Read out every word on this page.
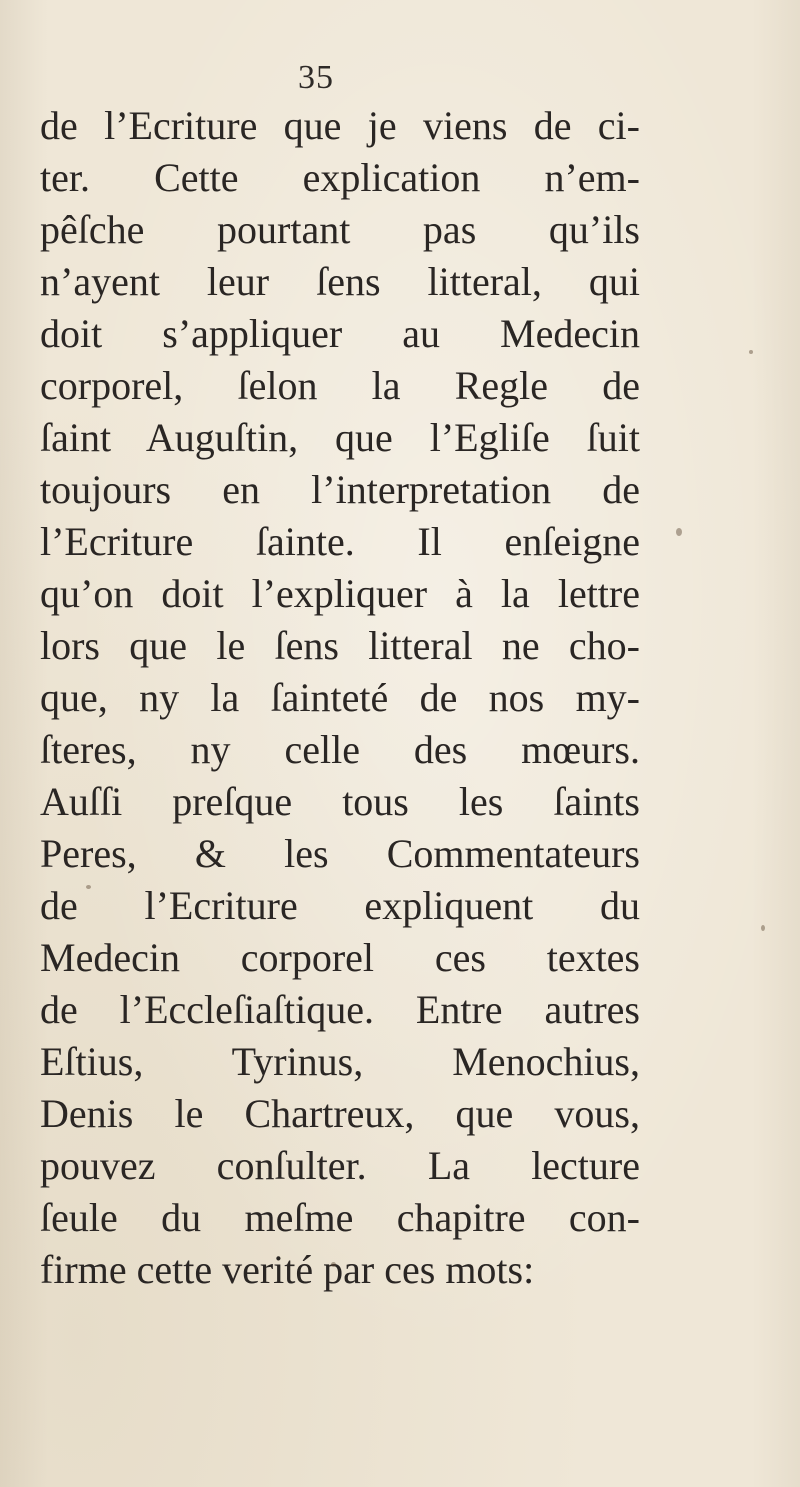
35
de l’Ecriture que je viens de ci-
ter. Cette explication n’em-
pêſche pourtant pas qu’ils
n’ayent leur ſens litteral, qui
doit s’appliquer au Medecin
corporel, ſelon la Regle de
ſaint Auguſtin, que l’Egliſe ſuit
toujours en l’interpretation de
l’Ecriture ſainte. Il enſeigne
qu’on doit l’expliquer à la lettre
lors que le ſens litteral ne cho-
que, ny la ſainteté de nos my-
ſteres, ny celle des mœurs.
Auſſi preſque tous les ſaints
Peres, & les Commentateurs
de l’Ecriture expliquent du
Medecin corporel ces textes
de l’Eccleſiaſtique. Entre autres
Eſtius, Tyrinus, Menochius,
Denis le Chartreux, que vous,
pouvez conſulter. La lecture
ſeule du meſme chapitre con-
firme cette verité par ces mots:
